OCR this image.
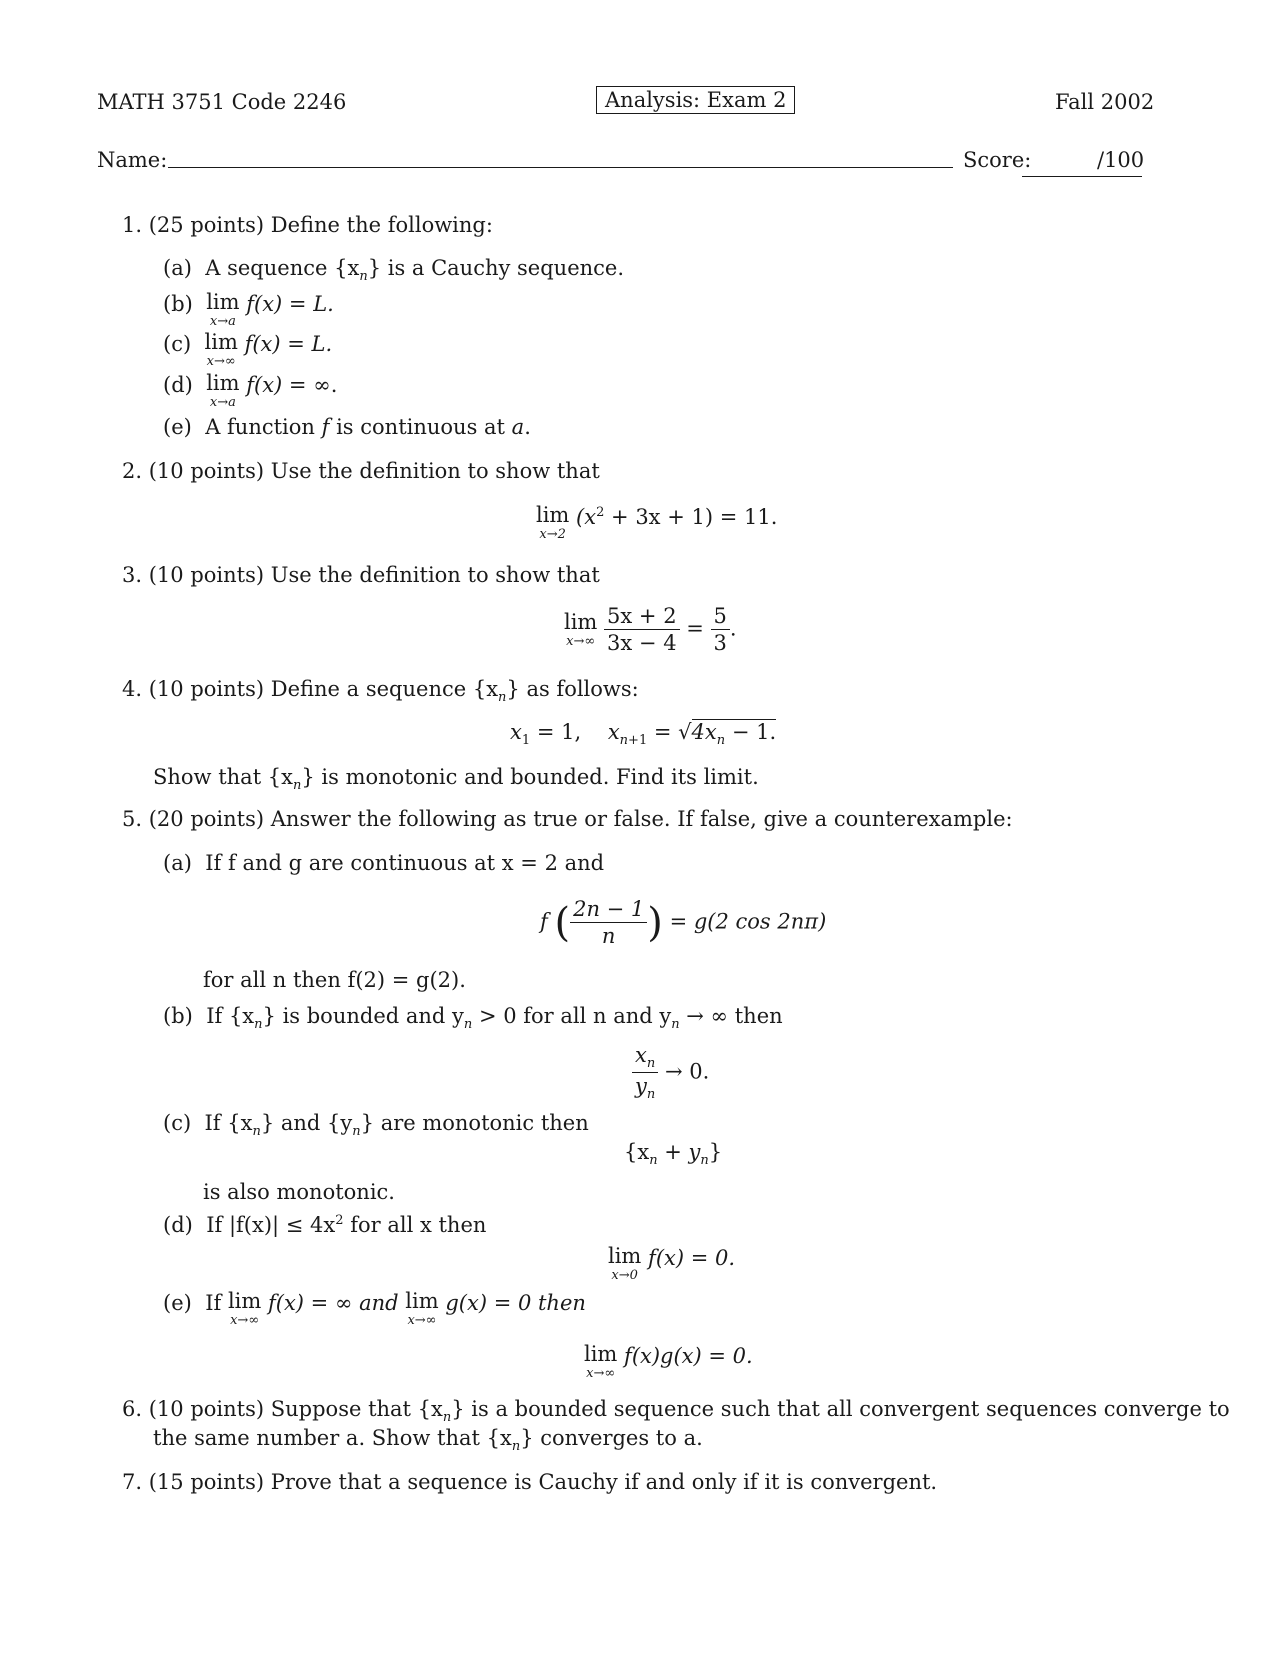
MATH 3751 Code 2246	Analysis: Exam 2	Fall 2002
Name:	Score:	/100
1. (25 points) Define the following:
(a) A sequence $\{x_n\}$ is a Cauchy sequence.
(b) lim
x→a
f(x) = L.
(c) lim
x→∞
f(x) = L.
(d) lim
x→a
f(x) = ∞.
(e) A function f is continuous at a.
2. (10 points) Use the definition to show that
lim
x→2
$(x^2 + 3x + 1) = 11$.
3. (10 points) Use the definition to show that
lim
x→∞
$\frac{5x + 2}{3x - 4} = \frac{5}{3}$ .
4. (10 points) Define a sequence $\{x_n\}$ as follows:
$x_1 = 1$, $x_{n+1} = √4x_n - 1$.
Show that $\{x_n\}$ is monotonic and bounded. Find its limit.
5. (20 points) Answer the following as true or false. If false, give a counterexample:
(a) If f and g are continuous at x = 2 and
f ( $\frac{2n - 1}{n}$ ) = g(2 cos 2nπ)
for all n then f(2) = g(2).
(b) If $\{x_n\}$ is bounded and $y_n > 0$ for all n and $y_n$ → ∞ then
$\frac{x_n}{y_n} \to 0$.
(c) If $\{x_n\}$ and $\{y_n\}$ are monotonic then
$\{x_n + y_n\}$
is also monotonic.
(d) If $|f(x)| \le 4x^2$ for all x then
lim
x→0
f(x) = 0.
(e) If lim
x→∞
f(x) = ∞ and lim
x→∞
g(x) = 0 then
lim
x→∞
f(x)g(x) = 0.
6. (10 points) Suppose that $\{x_n\}$ is a bounded sequence such that all convergent sequences converge to
the same number a. Show that $\{x_n\}$ converges to a.
7. (15 points) Prove that a sequence is Cauchy if and only if it is convergent.
